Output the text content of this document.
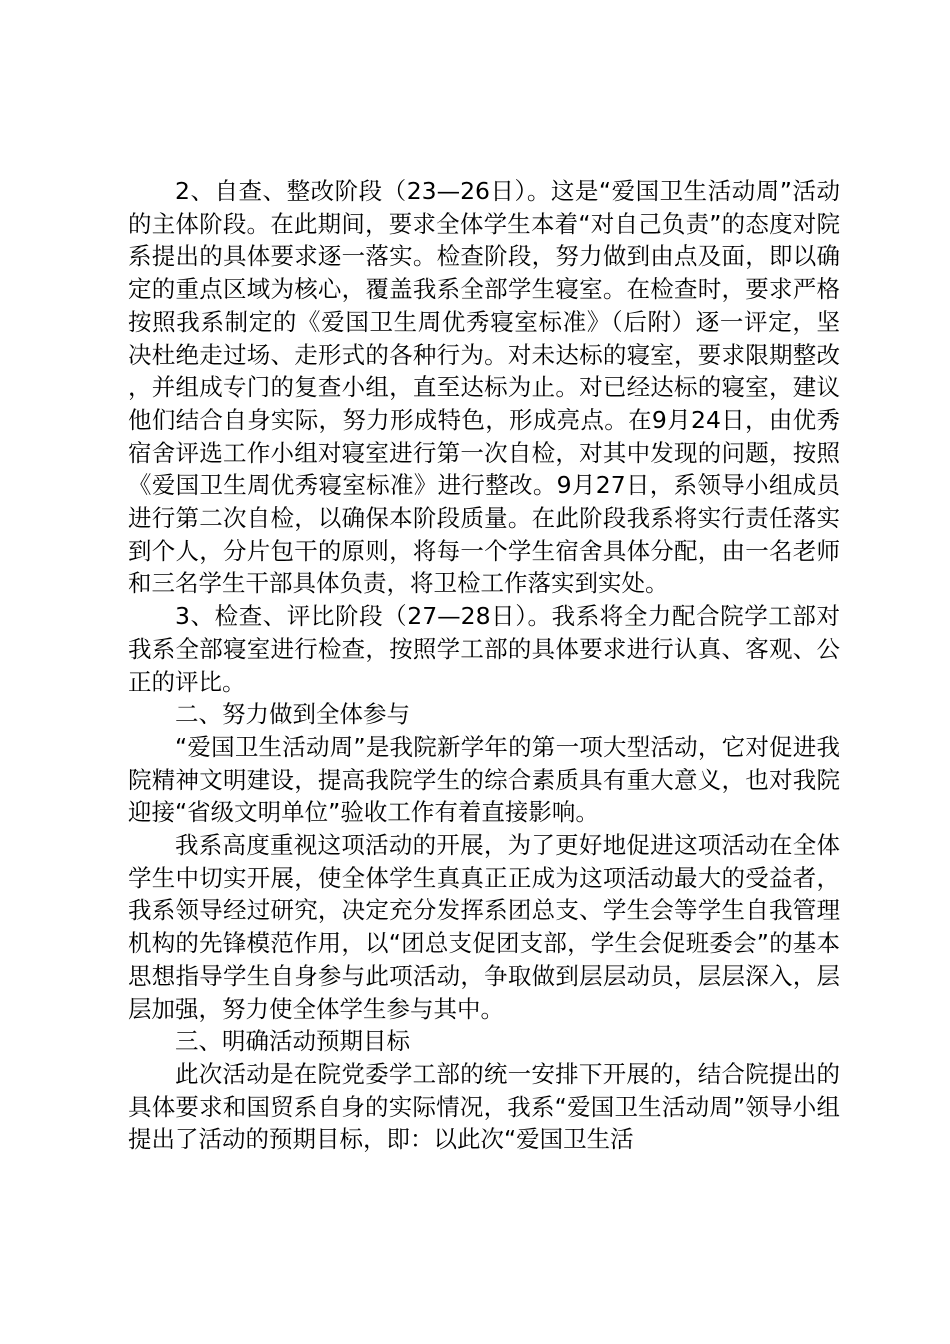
2、自查、整改阶段（23—26日）。这是“爱国卫生活动周”活动的主体阶段。在此期间，要求全体学生本着“对自己负责”的态度对院系提出的具体要求逐一落实。检查阶段，努力做到由点及面，即以确定的重点区域为核心，覆盖我系全部学生寝室。在检查时，要求严格按照我系制定的《爱国卫生周优秀寝室标准》（后附）逐一评定，坚决杜绝走过场、走形式的各种行为。对未达标的寝室，要求限期整改，并组成专门的复查小组，直至达标为止。对已经达标的寝室，建议他们结合自身实际，努力形成特色，形成亮点。在9月24日，由优秀宿舍评选工作小组对寝室进行第一次自检，对其中发现的问题，按照《爱国卫生周优秀寝室标准》进行整改。9月27日，系领导小组成员进行第二次自检，以确保本阶段质量。在此阶段我系将实行责任落实到个人，分片包干的原则，将每一个学生宿舍具体分配，由一名老师和三名学生干部具体负责，将卫检工作落实到实处。

3、检查、评比阶段（27—28日）。我系将全力配合院学工部对我系全部寝室进行检查，按照学工部的具体要求进行认真、客观、公正的评比。

二、努力做到全体参与

“爱国卫生活动周”是我院新学年的第一项大型活动，它对促进我院精神文明建设，提高我院学生的综合素质具有重大意义，也对我院迎接“省级文明单位”验收工作有着直接影响。

我系高度重视这项活动的开展，为了更好地促进这项活动在全体学生中切实开展，使全体学生真真正正成为这项活动最大的受益者，我系领导经过研究，决定充分发挥系团总支、学生会等学生自我管理机构的先锋模范作用，以“团总支促团支部，学生会促班委会”的基本思想指导学生自身参与此项活动，争取做到层层动员，层层深入，层层加强，努力使全体学生参与其中。

三、明确活动预期目标

此次活动是在院党委学工部的统一安排下开展的，结合院提出的具体要求和国贸系自身的实际情况，我系“爱国卫生活动周”领导小组提出了活动的预期目标，即：以此次“爱国卫生活
